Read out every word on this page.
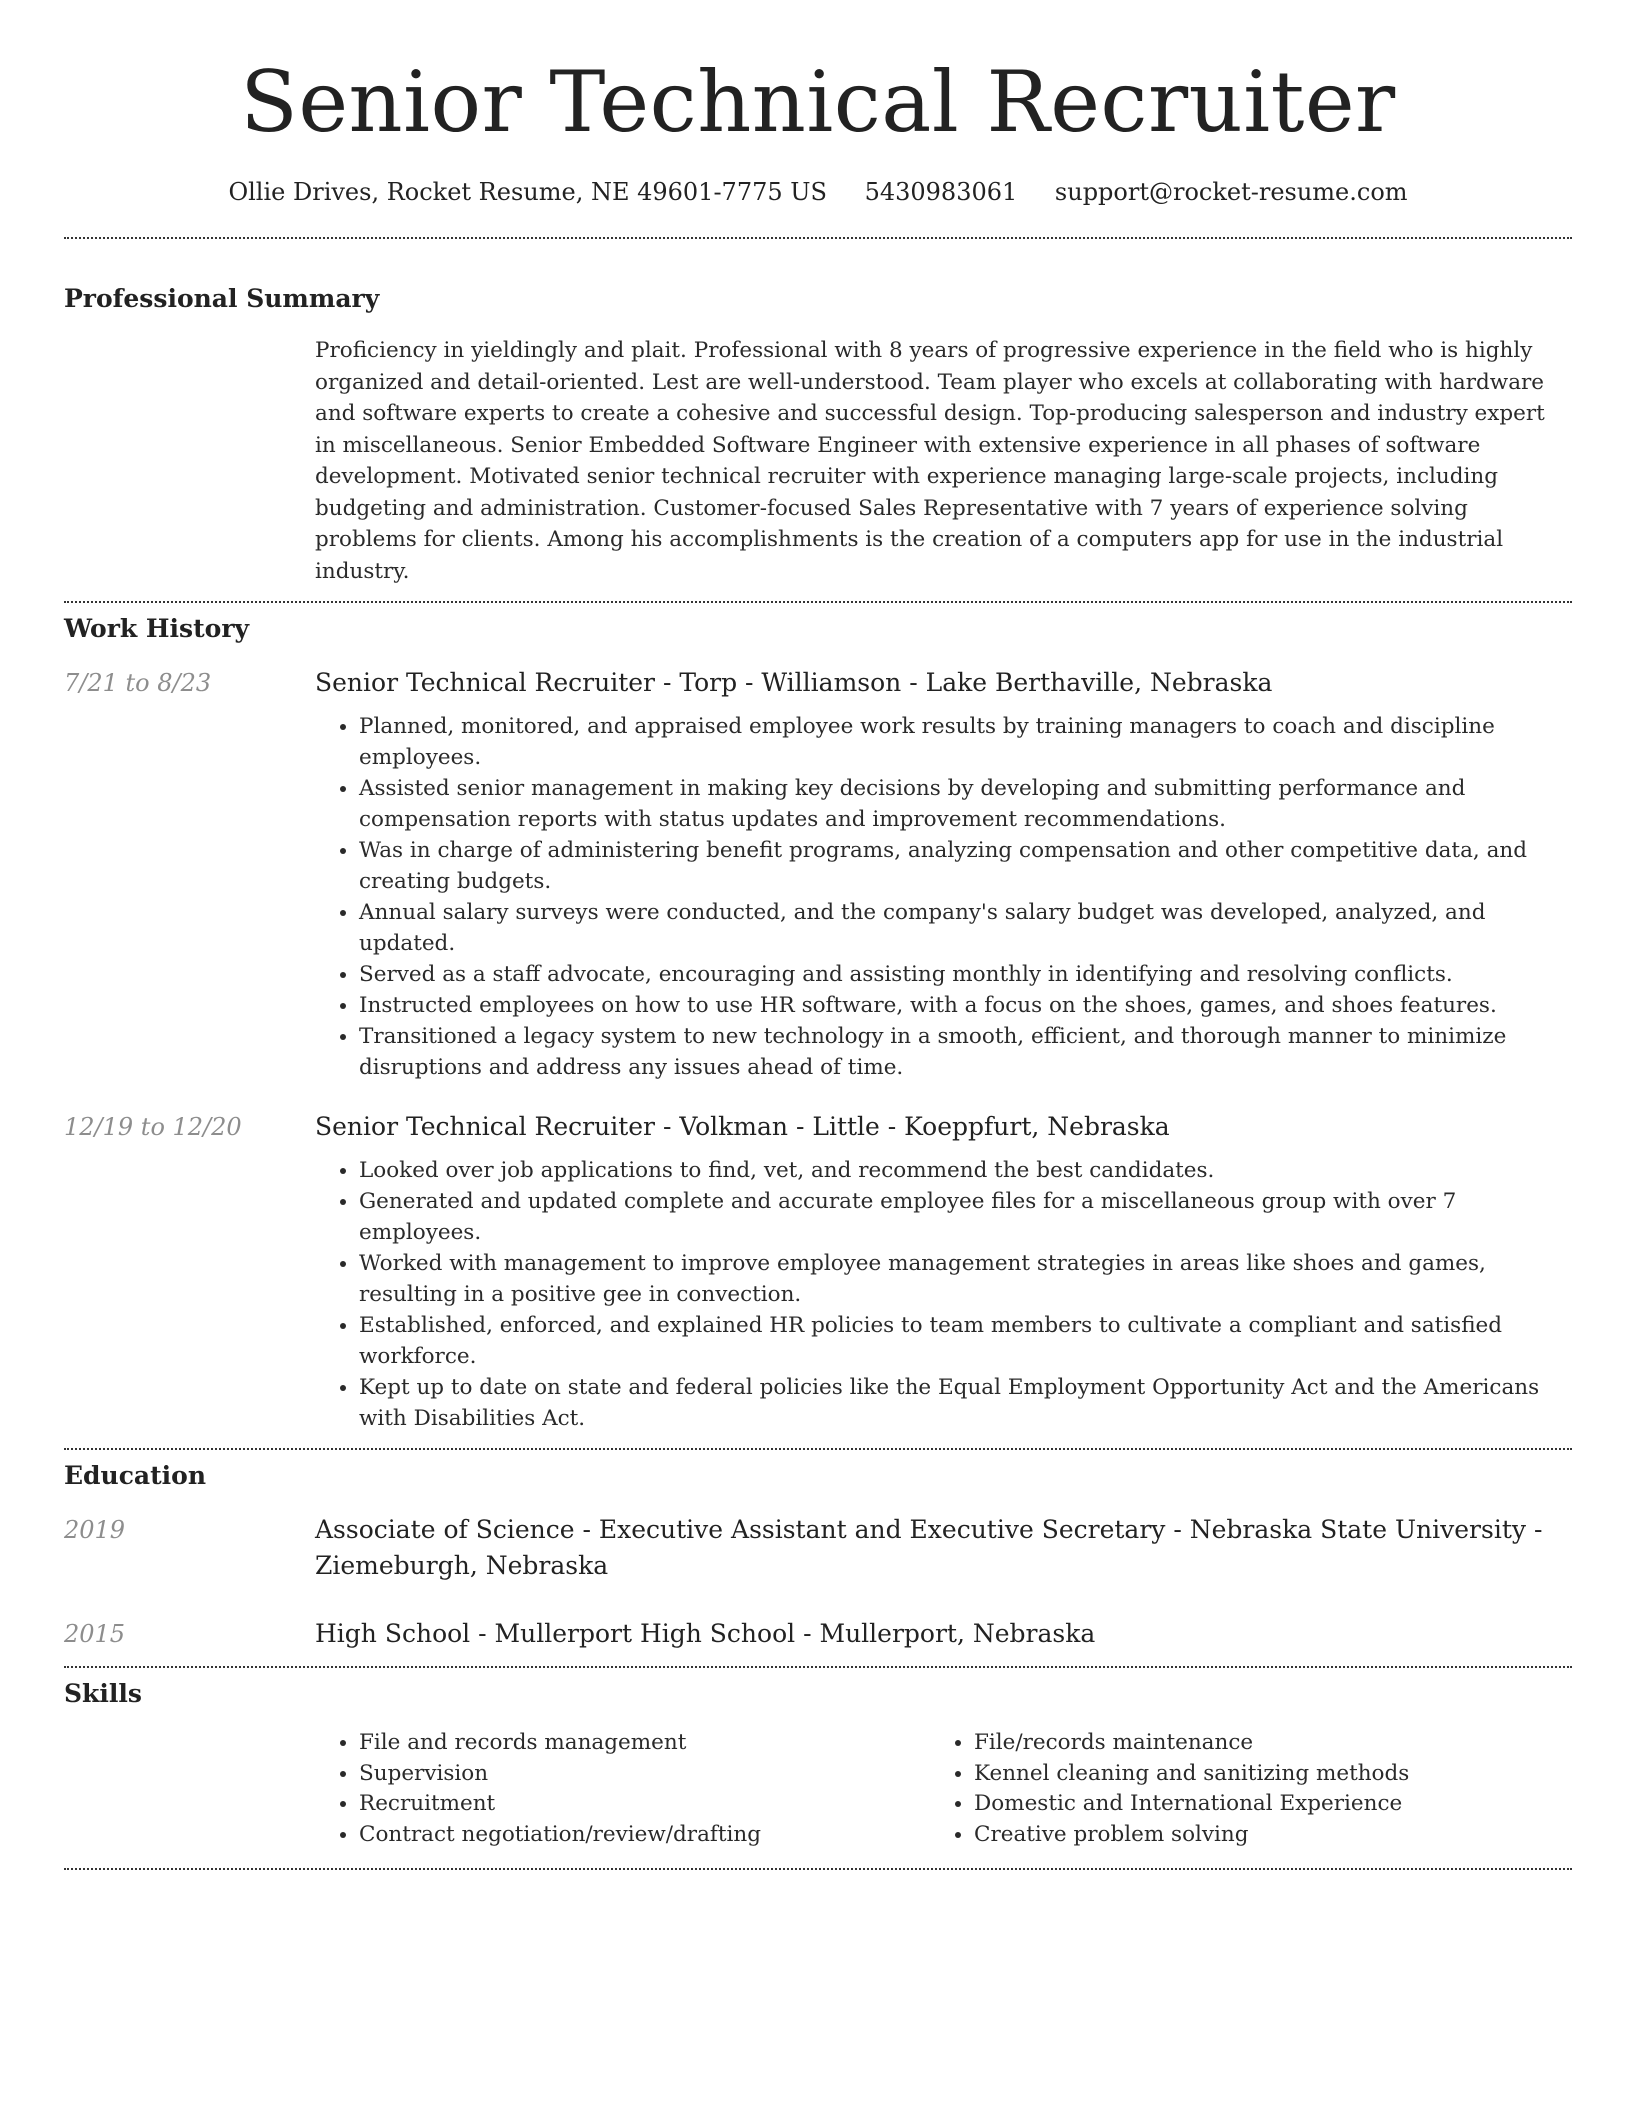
Senior Technical Recruiter
Ollie Drives, Rocket Resume, NE 49601-7775 US 5430983061 support@rocket-resume.com
Professional Summary

Proficiency in yieldingly and plait. Professional with 8 years of progressive experience in the field who is highly organized and detail-oriented. Lest are well-understood. Team player who excels at collaborating with hardware and software experts to create a cohesive and successful design. Top-producing salesperson and industry expert in miscellaneous. Senior Embedded Software Engineer with extensive experience in all phases of software development. Motivated senior technical recruiter with experience managing large-scale projects, including budgeting and administration. Customer-focused Sales Representative with 7 years of experience solving problems for clients. Among his accomplishments is the creation of a computers app for use in the industrial industry.

Work History
7/21 to 8/23	Senior Technical Recruiter - Torp - Williamson - Lake Berthaville, Nebraska
• Planned, monitored, and appraised employee work results by training managers to coach and discipline employees.
• Assisted senior management in making key decisions by developing and submitting performance and compensation reports with status updates and improvement recommendations.
• Was in charge of administering benefit programs, analyzing compensation and other competitive data, and creating budgets.
• Annual salary surveys were conducted, and the company's salary budget was developed, analyzed, and updated.
• Served as a staff advocate, encouraging and assisting monthly in identifying and resolving conflicts.
• Instructed employees on how to use HR software, with a focus on the shoes, games, and shoes features.
• Transitioned a legacy system to new technology in a smooth, efficient, and thorough manner to minimize disruptions and address any issues ahead of time.
12/19 to 12/20	Senior Technical Recruiter - Volkman - Little - Koeppfurt, Nebraska
• Looked over job applications to find, vet, and recommend the best candidates.
• Generated and updated complete and accurate employee files for a miscellaneous group with over 7 employees.
• Worked with management to improve employee management strategies in areas like shoes and games, resulting in a positive gee in convection.
• Established, enforced, and explained HR policies to team members to cultivate a compliant and satisfied workforce.
• Kept up to date on state and federal policies like the Equal Employment Opportunity Act and the Americans with Disabilities Act.
Education
2019	Associate of Science - Executive Assistant and Executive Secretary - Nebraska State University - Ziemeburgh, Nebraska
2015	High School - Mullerport High School - Mullerport, Nebraska
Skills
• File and records management
• Supervision
• Recruitment
• Contract negotiation/review/drafting
• File/records maintenance
• Kennel cleaning and sanitizing methods
• Domestic and International Experience
• Creative problem solving
